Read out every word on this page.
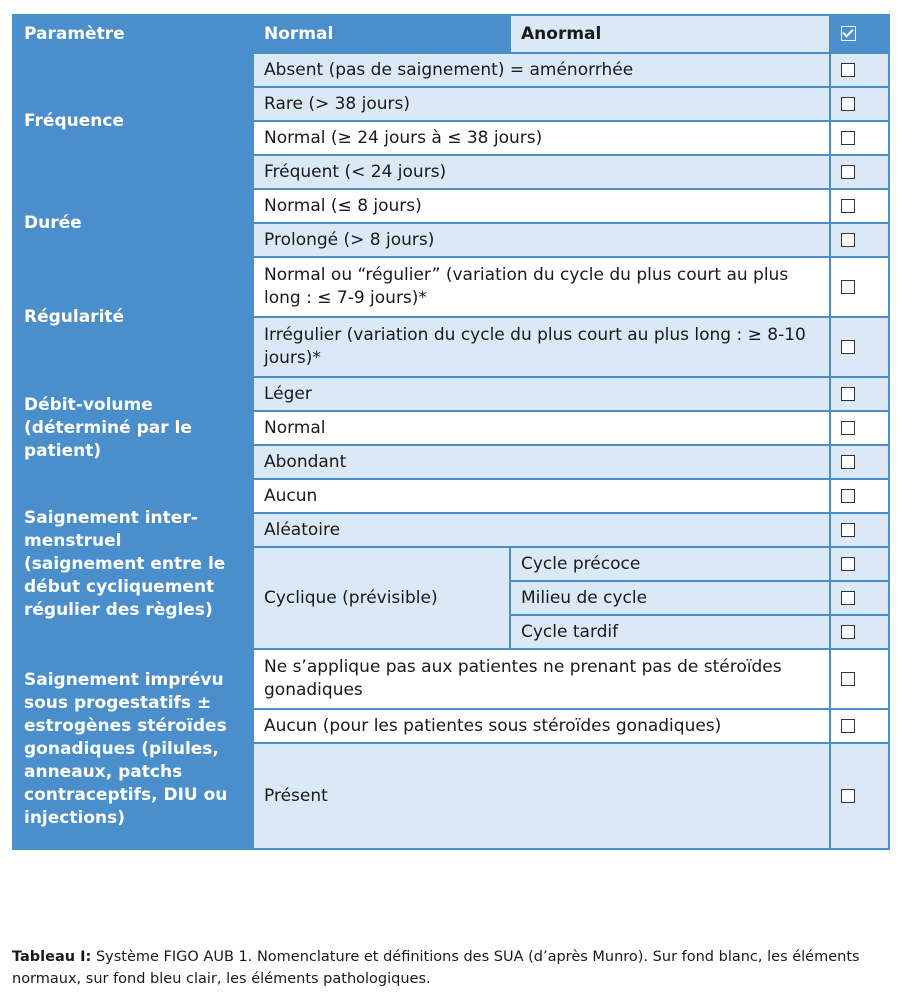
Paramètre	Normal	Anormal	
Fréquence	Absent (pas de saignement) = aménorrhée		
	Rare (> 38 jours)		
	Normal (≥ 24 jours à ≤ 38 jours)		
	Fréquent (< 24 jours)		
Durée	Normal (≤ 8 jours)		
	Prolongé (> 8 jours)		
Régularité	Normal ou “régulier” (variation du cycle du plus court au plus long : ≤ 7-9 jours)*		
	Irrégulier (variation du cycle du plus court au plus long : ≥ 8-10 jours)*		
Débit-volume (déterminé par le patient)	Léger		
	Normal		
	Abondant		
Saignement inter-menstruel (saignement entre le début cycliquement régulier des règles)	Aucun		
	Aléatoire		
	Cyclique (prévisible)	Cycle précoce	
		Milieu de cycle	
		Cycle tardif	
Saignement imprévu sous progestatifs ± estrogènes stéroïdes gonadiques (pilules, anneaux, patchs contraceptifs, DIU ou injections)	Ne s’applique pas aux patientes ne prenant pas de stéroïdes gonadiques		
	Aucun (pour les patientes sous stéroïdes gonadiques)		
	Présent		
Tableau I: Système FIGO AUB 1. Nomenclature et définitions des SUA (d’après Munro). Sur fond blanc, les éléments normaux, sur fond bleu clair, les éléments pathologiques.
